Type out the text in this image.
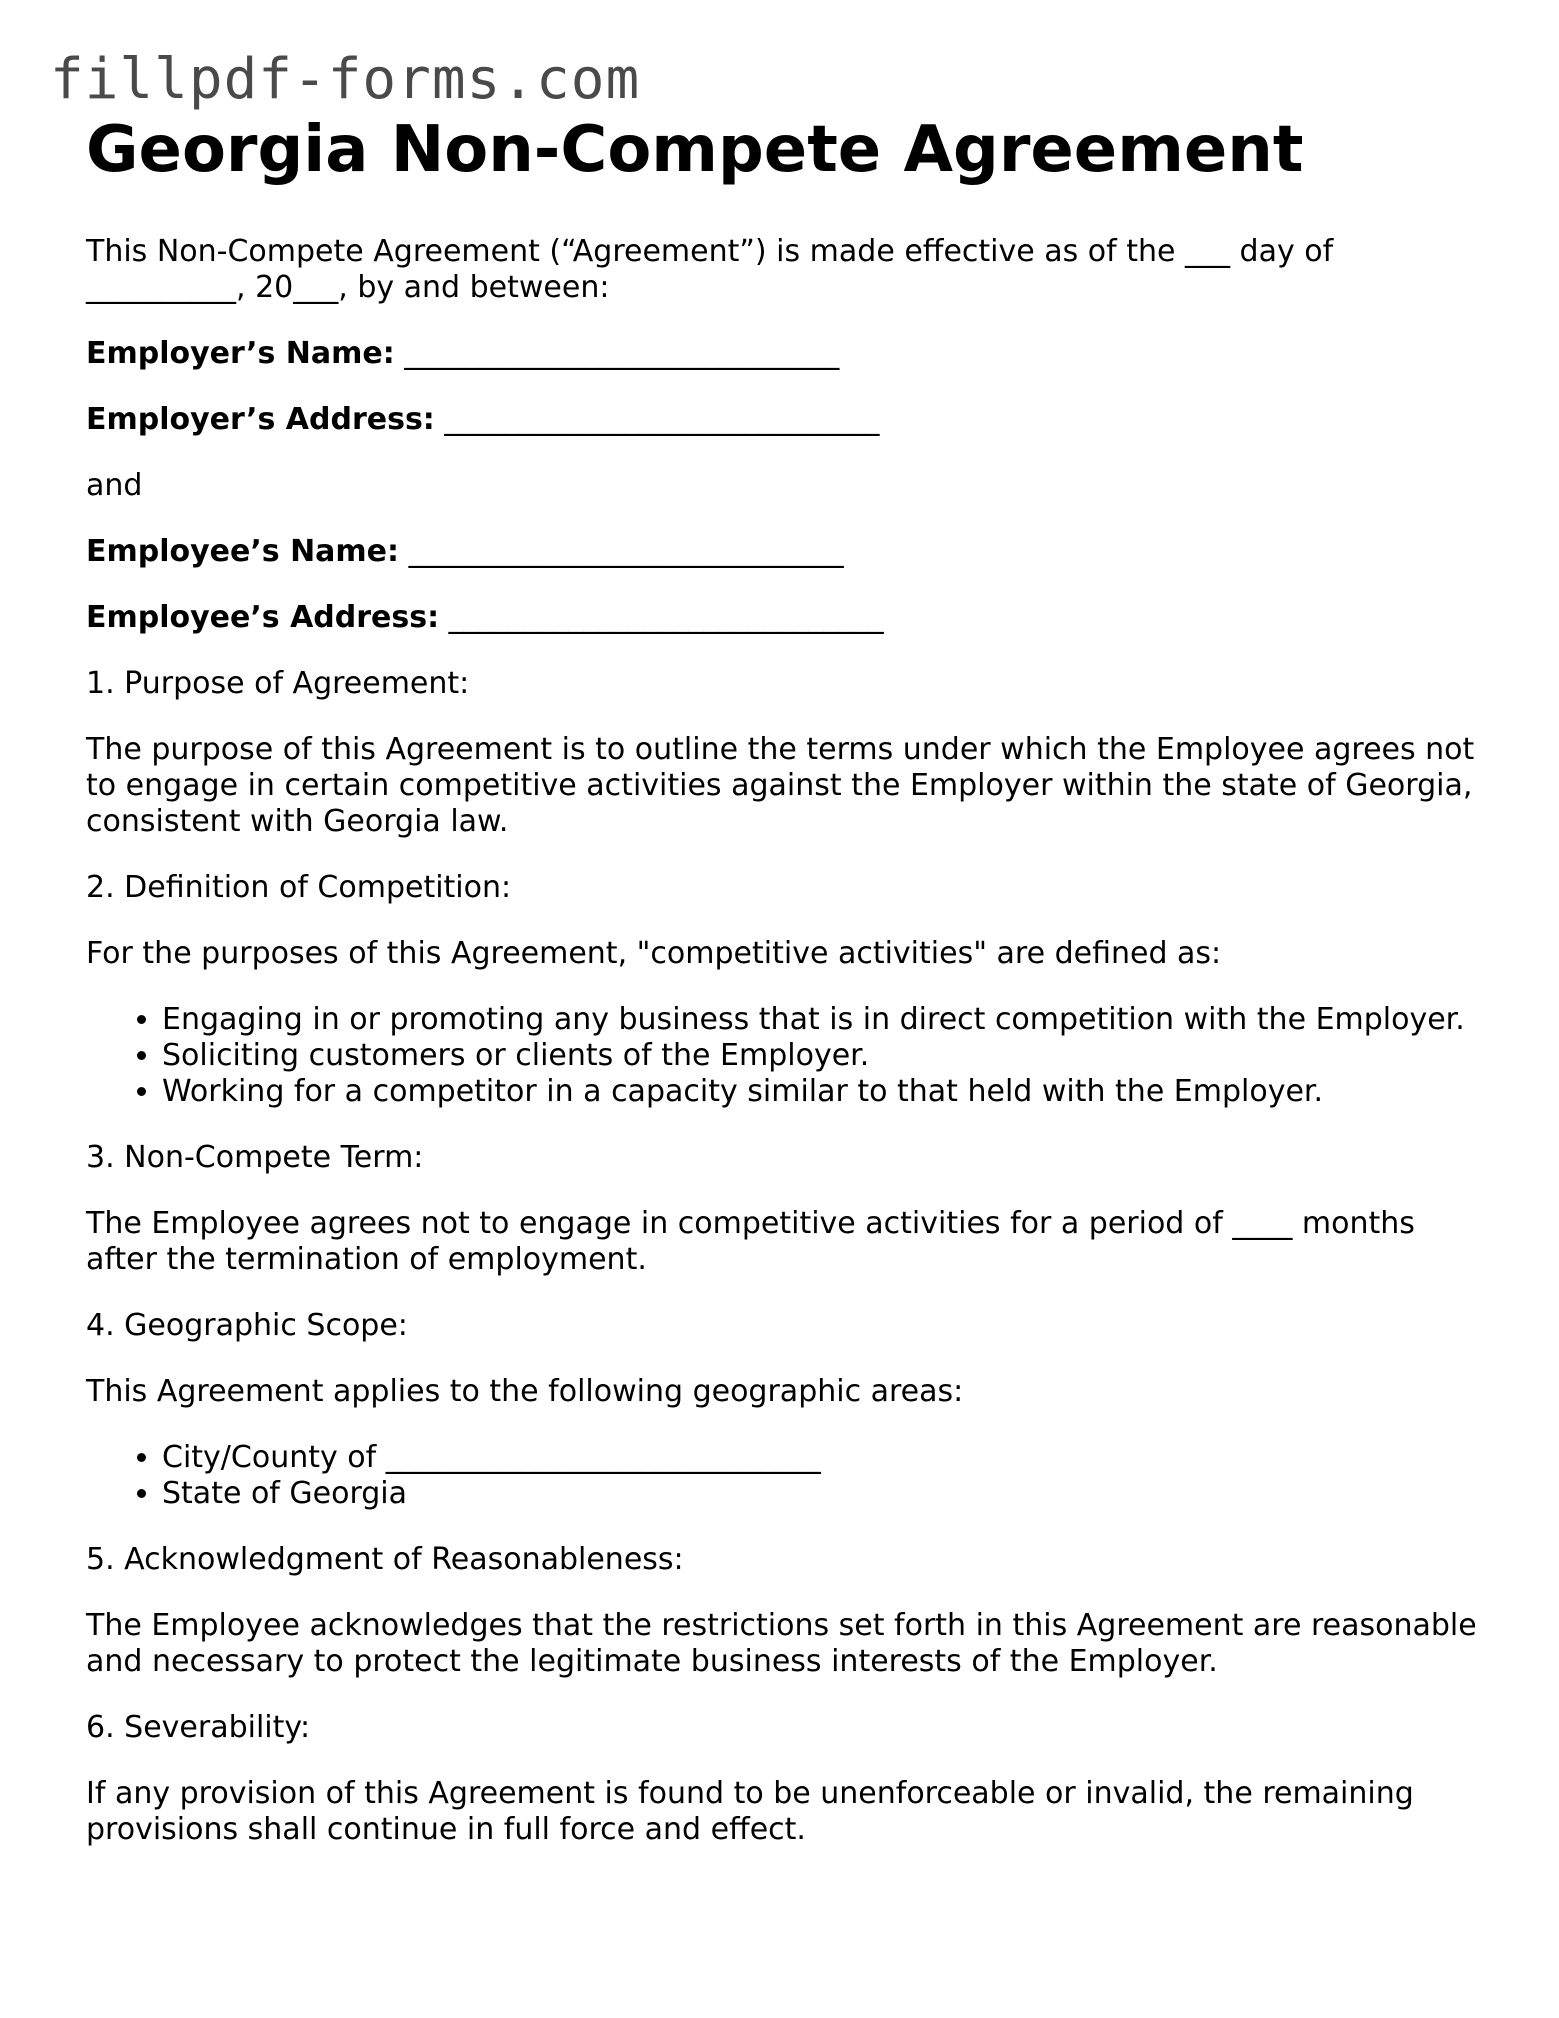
fillpdf-forms.com
Georgia Non-Compete Agreement

This Non-Compete Agreement (“Agreement”) is made effective as of the ___ day of __________, 20___, by and between:

Employer’s Name: _____________________________

Employer’s Address: _____________________________

and

Employee’s Name: _____________________________

Employee’s Address: _____________________________

1. Purpose of Agreement:

The purpose of this Agreement is to outline the terms under which the Employee agrees not to engage in certain competitive activities against the Employer within the state of Georgia, consistent with Georgia law.

2. Definition of Competition:

For the purposes of this Agreement, "competitive activities" are defined as:

• Engaging in or promoting any business that is in direct competition with the Employer.
• Soliciting customers or clients of the Employer.
• Working for a competitor in a capacity similar to that held with the Employer.

3. Non-Compete Term:

The Employee agrees not to engage in competitive activities for a period of ____ months after the termination of employment.

4. Geographic Scope:

This Agreement applies to the following geographic areas:

• City/County of _____________________________
• State of Georgia

5. Acknowledgment of Reasonableness:

The Employee acknowledges that the restrictions set forth in this Agreement are reasonable and necessary to protect the legitimate business interests of the Employer.

6. Severability:

If any provision of this Agreement is found to be unenforceable or invalid, the remaining provisions shall continue in full force and effect.
